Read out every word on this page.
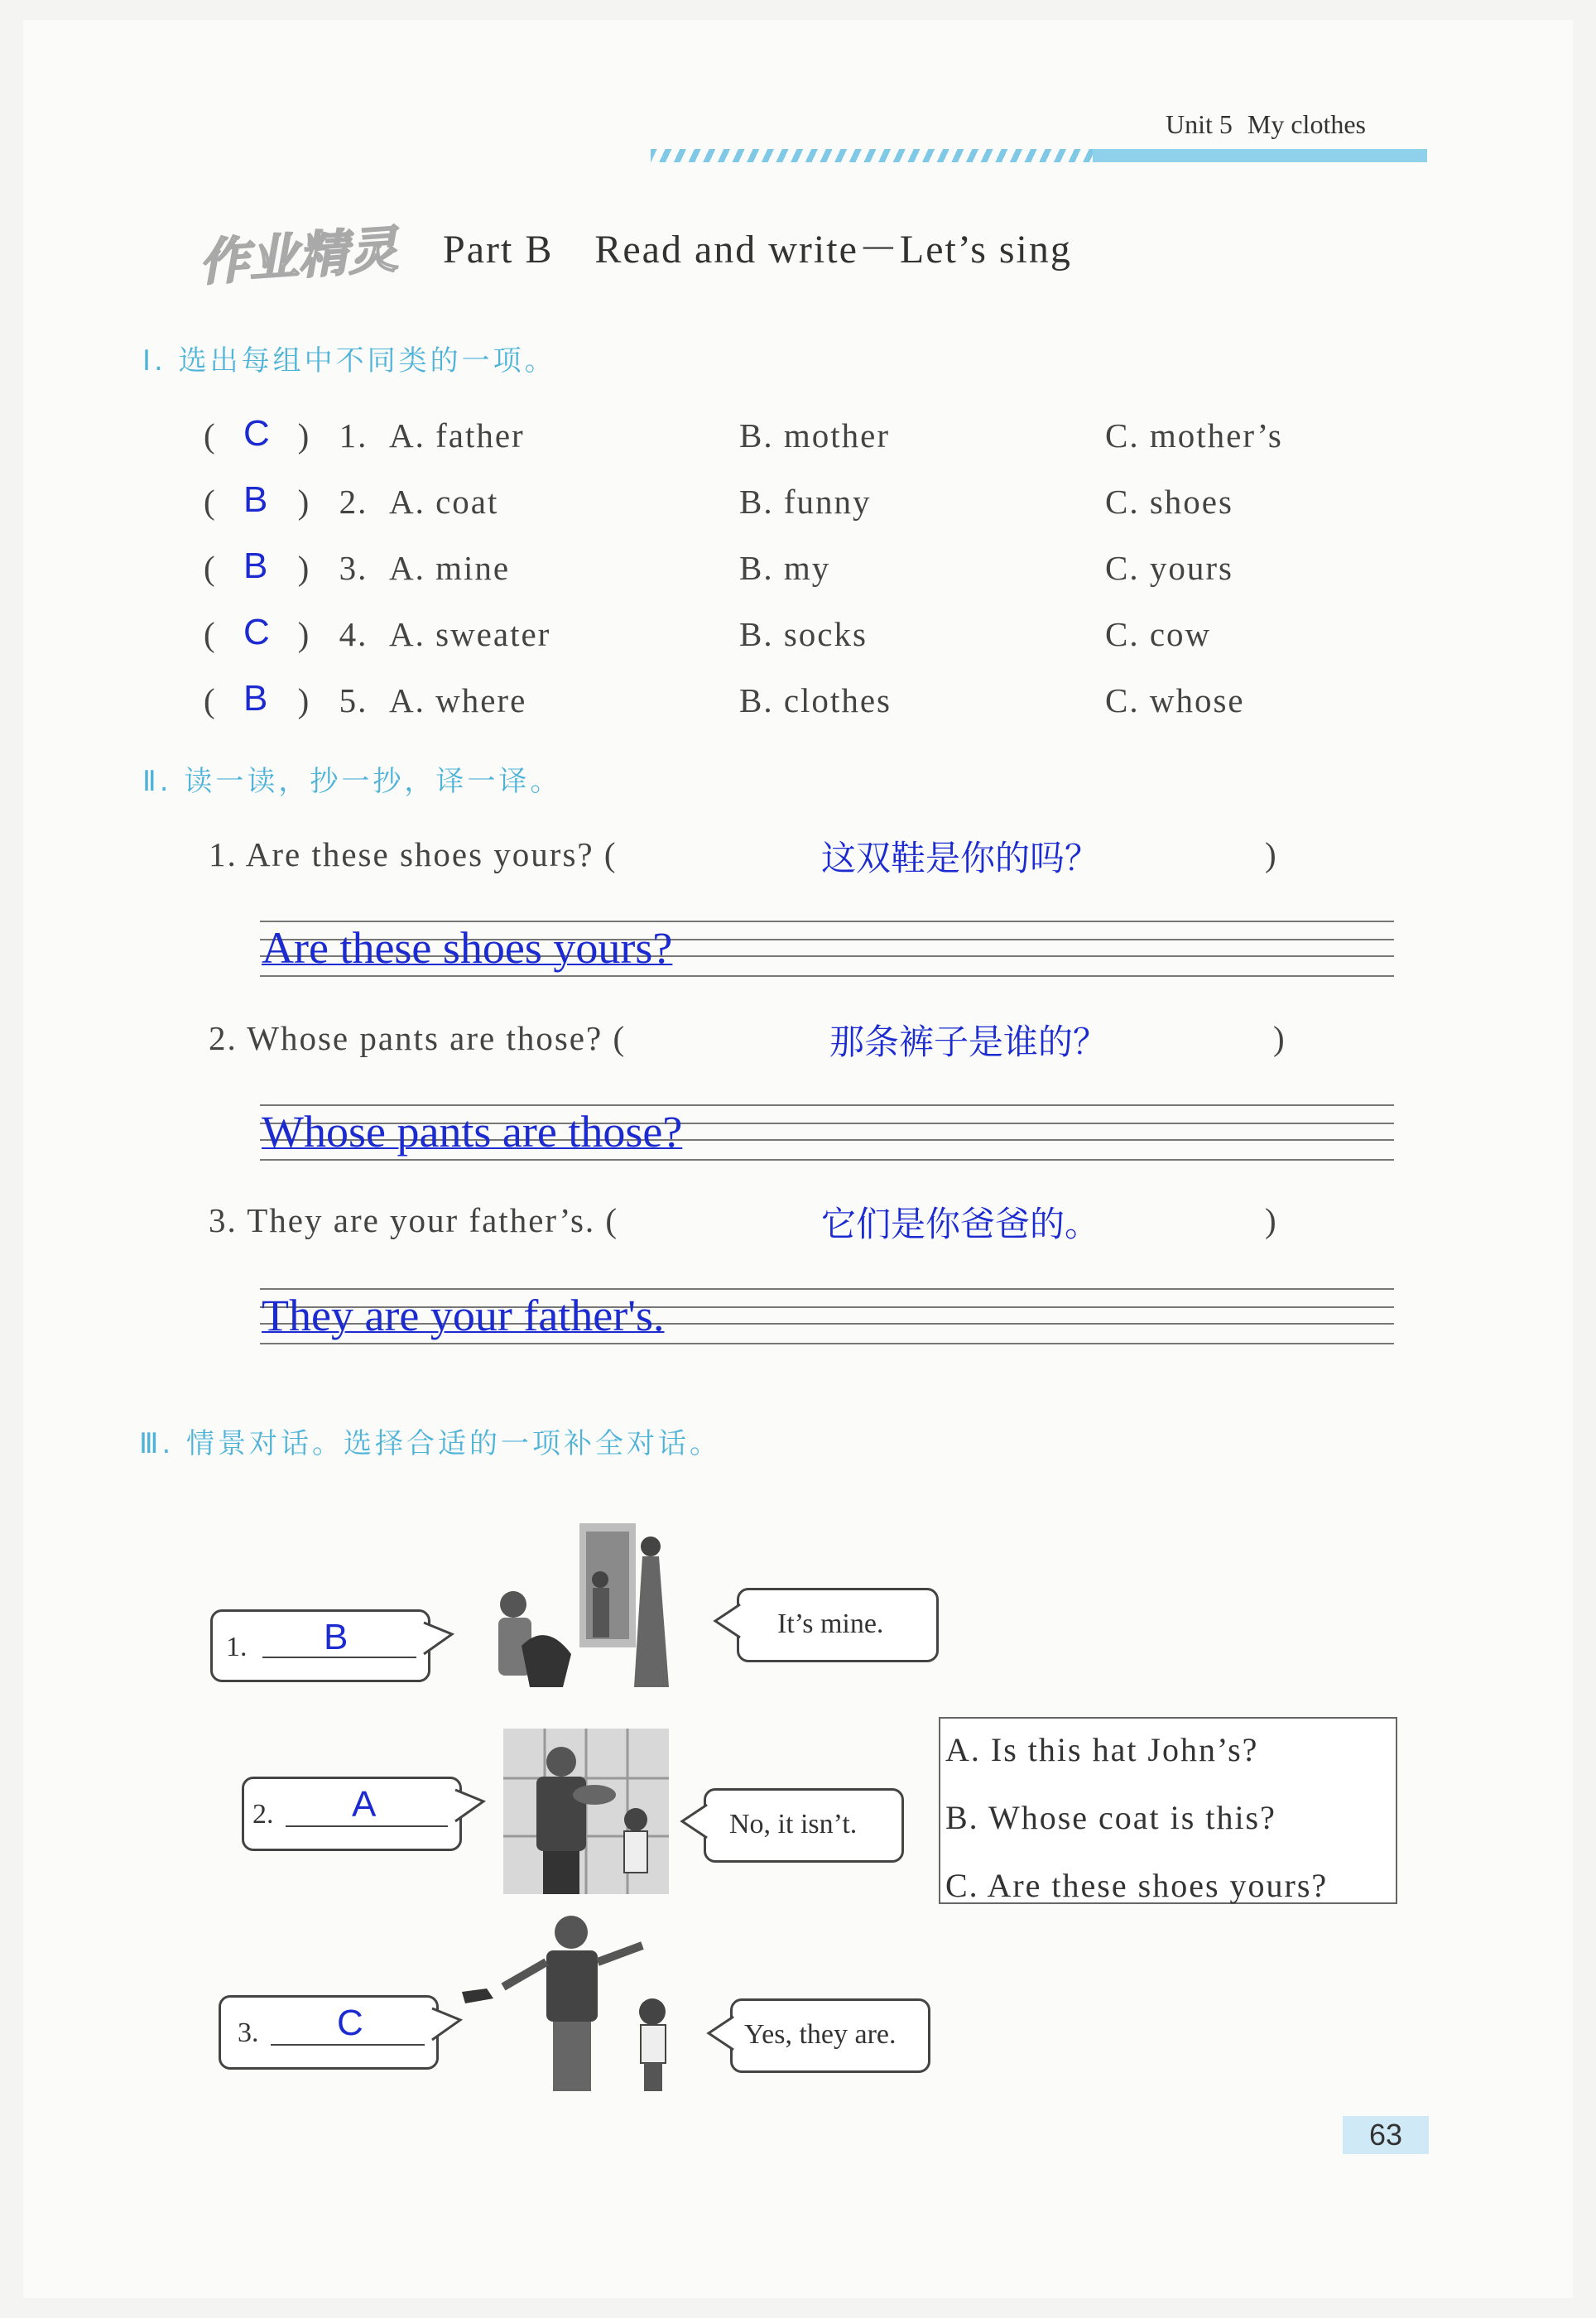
Unit 5 My clothes
作业精灵 Part B　Read and write－Let’s sing
Ⅰ. 选出每组中不同类的一项。
( C ) 1. A. father	B. mother	C. mother’s
( B ) 2. A. coat	B. funny	C. shoes
( B ) 3. A. mine	B. my	C. yours
( C ) 4. A. sweater	B. socks	C. cow
( B ) 5. A. where	B. clothes	C. whose
Ⅱ. 读一读，抄一抄，译一译。
1. Are these shoes yours? (	这双鞋是你的吗？	)
Are these shoes yours?
2. Whose pants are those? (	那条裤子是谁的？	)
Whose pants are those?
3. They are your father’s. (	它们是你爸爸的。	)
They are your father's.
Ⅲ. 情景对话。选择合适的一项补全对话。
1. B	It’s mine.
2. A	No, it isn’t.
A. Is this hat John’s?
B. Whose coat is this?
C. Are these shoes yours?
3. C	Yes, they are.
63
